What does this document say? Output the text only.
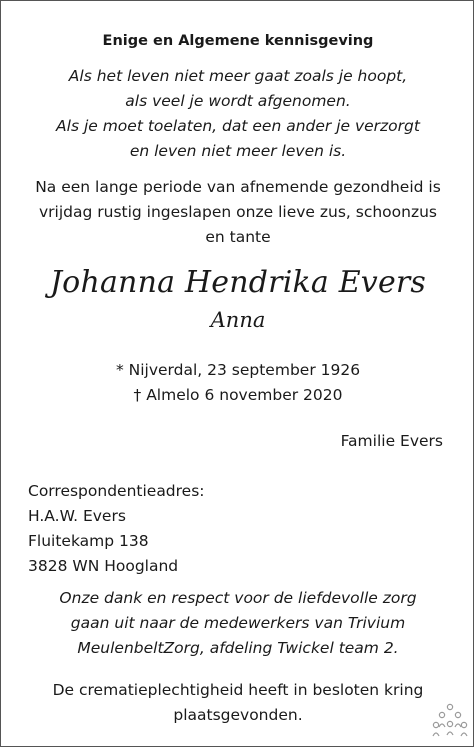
Enige en Algemene kennisgeving
Als het leven niet meer gaat zoals je hoopt,
als veel je wordt afgenomen.
Als je moet toelaten, dat een ander je verzorgt
en leven niet meer leven is.
Na een lange periode van afnemende gezondheid is
vrijdag rustig ingeslapen onze lieve zus, schoonzus
en tante
Johanna Hendrika Evers
Anna
* Nijverdal, 23 september 1926
† Almelo 6 november 2020
Familie Evers
Correspondentieadres:
H.A.W. Evers
Fluitekamp 138
3828 WN Hoogland
Onze dank en respect voor de liefdevolle zorg
gaan uit naar de medewerkers van Trivium
MeulenbeltZorg, afdeling Twickel team 2.
De crematieplechtigheid heeft in besloten kring
plaatsgevonden.
